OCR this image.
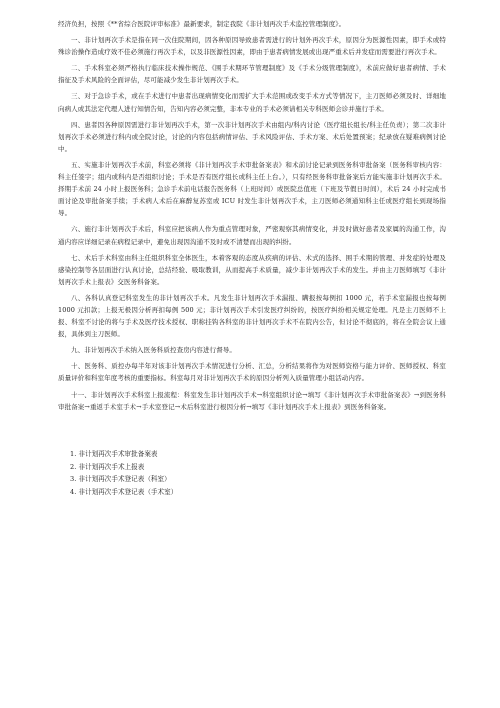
经济负担，按照《**省综合医院评审标准》最新要求，制定我院《非计划再次手术监控管理制度》。

一、非计划再次手术是指在同一次住院期间，因各种原因导致患者需进行的计划外再次手术，原因分为医源性因素，即手术或特殊诊治操作造成疗效不佳必须施行再次手术，以及非医源性因素，即由于患者病情发展或出现严重术后并发症而需要进行再次手术。

二、手术科室必须严格执行临床技术操作规范、《围手术期环节管理制度》及《手术分级管理制度》，术前应做好患者病情、手术指征及手术风险的全面评估，尽可能减少发生非计划再次手术。

三、对于急诊手术，或在手术进行中患者出现病情变化而需扩大手术范围或改变手术方式等情况下，主刀医师必须及时、详细地向病人或其法定代理人进行知情告知，告知内容必须完整，非本专业的手术必须请相关专科医师会诊并施行手术。

四、患者因各种原因需进行非计划再次手术，第一次非计划再次手术由组内/科内讨论（医疗组长组长/科主任负责）；第二次非计划再次手术必须进行科内或全院讨论，讨论的内容包括病情评估、手术风险评估、手术方案、术后处置预案；纪录放在疑难病例讨论中。

五、实施非计划再次手术前，科室必须将《非计划再次手术审批备案表》和术前讨论记录到医务科审批备案（医务科审核内容：科主任签字；组内或科内是否组织讨论；手术是否有医疗组长或科主任上台。），只有经医务科审批备案后方能实施非计划再次手术。择期手术前 24 小时上报医务科；急诊手术前电话报告医务科（上班时间）或医院总值班（下班及节假日时间），术后 24 小时完成书面讨论及审批备案手续；手术病人术后在麻醉复苏室或 ICU 时发生非计划再次手术，主刀医师必须通知科主任或医疗组长到现场指导。

六、施行非计划再次手术后，科室应把该病人作为重点管理对象，严密观察其病情变化，并及时做好患者及家属的沟通工作，沟通内容应详细记录在病程记录中，避免出现因沟通不及时或不清楚而出现的纠纷。

七、术后手术科室由科主任组织科室全体医生，本着客观的态度从疾病的评估、术式的选择、围手术期的管理、并发症的处理及感染控制等各层面进行认真讨论，总结经验、吸取教训，从而提高手术质量，减少非计划再次手术的发生。并由主刀医师填写《非计划再次手术上报表》交医务科备案。

八、各科认真登记科室发生的非计划再次手术。凡发生非计划再次手术漏报、瞒报按每例扣 1000 元，若手术室漏报也按每例 1000 元扣款；上报无极因分析再扣每例 500 元；非计划再次手术引发医疗纠纷的，按医疗纠纷相关规定处理。凡是主刀医师不上报、科室不讨论的将与手术及医疗技术授权、职称挂钩各科室的非计划再次手术不在院内公告，但讨论不彻底的，将在全院会议上通报，具体到主刀医师。

九、非计划再次手术纳入医务科质控查房内容进行督导。

十、医务科、质控办每半年对该非计划再次手术情况进行分析、汇总，分析结果将作为对医师资格与能力评价、医师授权、科室质量评价和科室年度考核的重要指标。科室每月对非计划再次手术的原因分析列入质量管理小组活动内容。

十一、非计划再次手术科室上报流程：科室发生非计划再次手术→科室组织讨论→填写《非计划再次手术审批备案表》→到医务科审批备案→重返手术室手术→手术室登记→术后科室进行根因分析→填写《非计划再次手术上报表》到医务科备案。

1. 非计划再次手术审批备案表
2. 非计划再次手术上报表
3. 非计划再次手术登记表（科室）
4. 非计划再次手术登记表（手术室）
